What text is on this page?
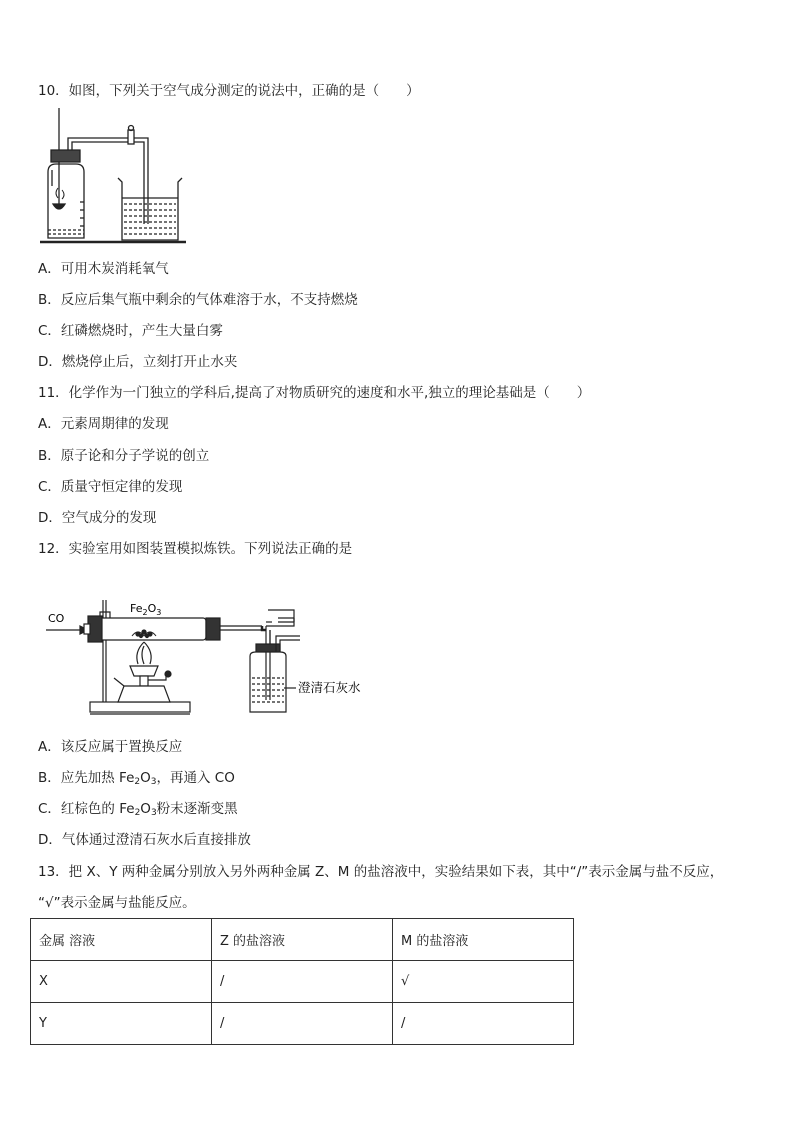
10．如图，下列关于空气成分测定的说法中，正确的是（　　）
A．可用木炭消耗氧气
B．反应后集气瓶中剩余的气体难溶于水，不支持燃烧
C．红磷燃烧时，产生大量白雾
D．燃烧停止后，立刻打开止水夹
11．化学作为一门独立的学科后,提高了对物质研究的速度和水平,独立的理论基础是（　　）
A．元素周期律的发现
B．原子论和分子学说的创立
C．质量守恒定律的发现
D．空气成分的发现
12．实验室用如图装置模拟炼铁。下列说法正确的是
CO
$Fe_2O_3$
澄清石灰水
A．该反应属于置换反应
B．应先加热 $Fe_2O_3$，再通入 CO
C．红棕色的 $Fe_2O_3$粉末逐渐变黑
D．气体通过澄清石灰水后直接排放
13．把 X、Y 两种金属分别放入另外两种金属 Z、M 的盐溶液中，实验结果如下表，其中“/”表示金属与盐不反应，
“√”表示金属与盐能反应。
金属 溶液	Z 的盐溶液	M 的盐溶液
X	/	√
Y	/	/
